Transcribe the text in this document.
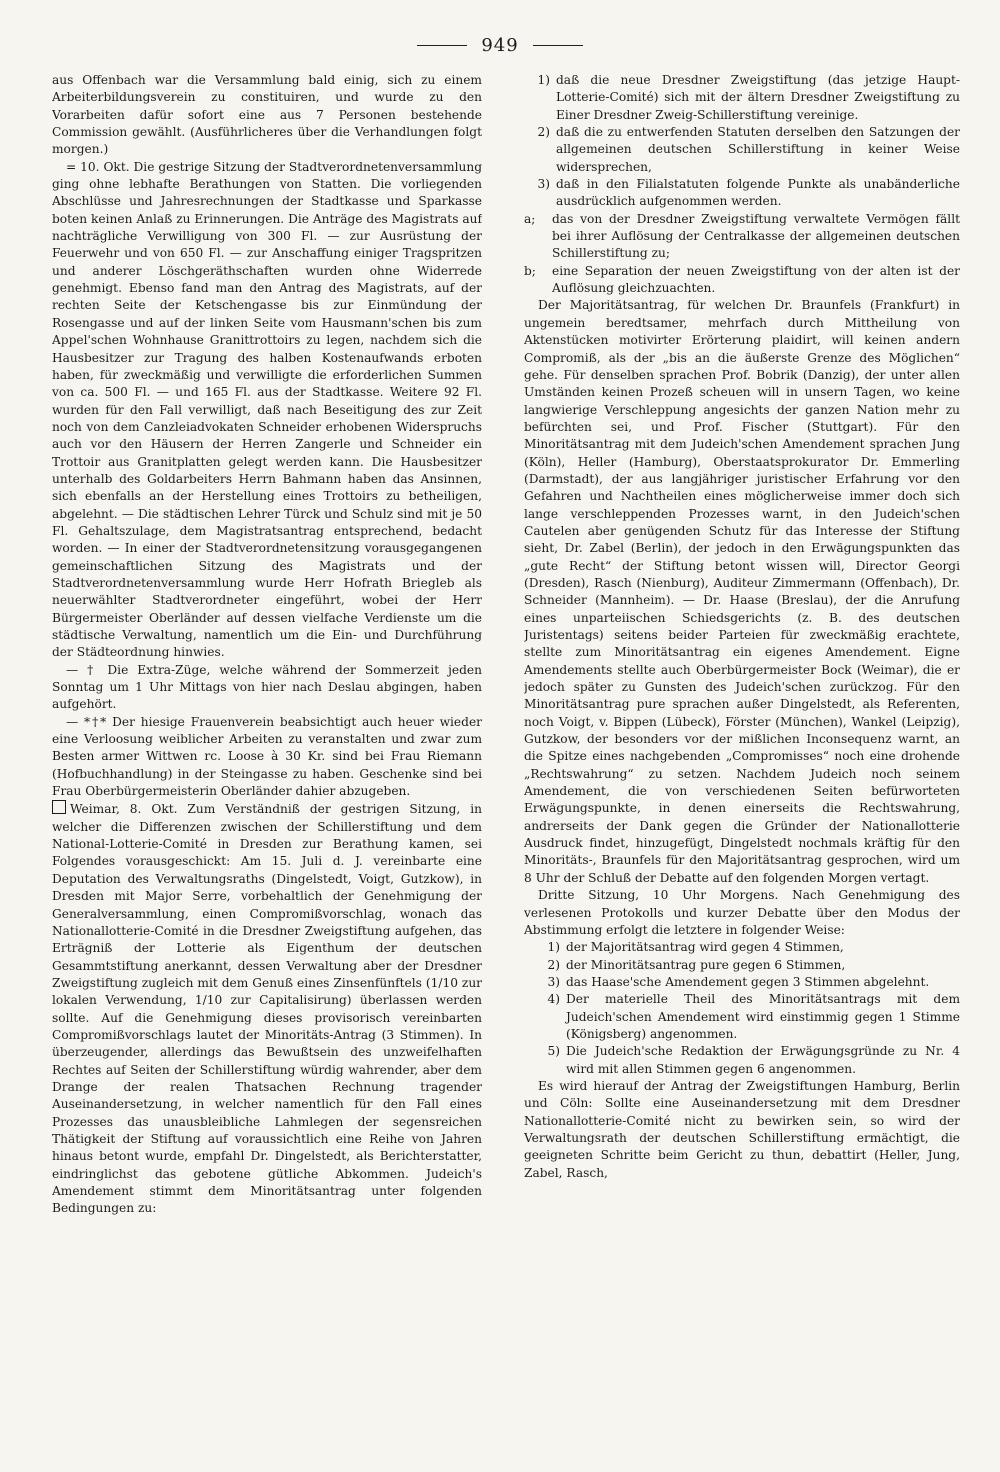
949

aus Offenbach war die Versammlung bald einig, sich zu einem Arbeiterbildungsverein zu constituiren, und wurde zu den Vorarbeiten dafür sofort eine aus 7 Personen bestehende Commission gewählt. (Ausführlicheres über die Verhandlungen folgt morgen.)

= 10. Okt. Die gestrige Sitzung der Stadtverordnetenversammlung ging ohne lebhafte Berathungen von Statten. Die vorliegenden Abschlüsse und Jahresrechnungen der Stadtkasse und Sparkasse boten keinen Anlaß zu Erinnerungen. Die Anträge des Magistrats auf nachträgliche Verwilligung von 300 Fl. — zur Ausrüstung der Feuerwehr und von 650 Fl. — zur Anschaffung einiger Tragspritzen und anderer Löschgeräthschaften wurden ohne Widerrede genehmigt. Ebenso fand man den Antrag des Magistrats, auf der rechten Seite der Ketschengasse bis zur Einmündung der Rosengasse und auf der linken Seite vom Hausmann'schen bis zum Appel'schen Wohnhause Granittrottoirs zu legen, nachdem sich die Hausbesitzer zur Tragung des halben Kostenaufwands erboten haben, für zweckmäßig und verwilligte die erforderlichen Summen von ca. 500 Fl. — und 165 Fl. aus der Stadtkasse. Weitere 92 Fl. wurden für den Fall verwilligt, daß nach Beseitigung des zur Zeit noch von dem Canzleiadvokaten Schneider erhobenen Widerspruchs auch vor den Häusern der Herren Zangerle und Schneider ein Trottoir aus Granitplatten gelegt werden kann. Die Hausbesitzer unterhalb des Goldarbeiters Herrn Bahmann haben das Ansinnen, sich ebenfalls an der Herstellung eines Trottoirs zu betheiligen, abgelehnt. — Die städtischen Lehrer Türck und Schulz sind mit je 50 Fl. Gehaltszulage, dem Magistratsantrag entsprechend, bedacht worden. — In einer der Stadtverordnetensitzung vorausgegangenen gemeinschaftlichen Sitzung des Magistrats und der Stadtverordnetenversammlung wurde Herr Hofrath Briegleb als neuerwählter Stadtverordneter eingeführt, wobei der Herr Bürgermeister Oberländer auf dessen vielfache Verdienste um die städtische Verwaltung, namentlich um die Ein- und Durchführung der Städteordnung hinwies.

— † Die Extra-Züge, welche während der Sommerzeit jeden Sonntag um 1 Uhr Mittags von hier nach Deslau abgingen, haben aufgehört.

— *†* Der hiesige Frauenverein beabsichtigt auch heuer wieder eine Verloosung weiblicher Arbeiten zu veranstalten und zwar zum Besten armer Wittwen rc. Loose à 30 Kr. sind bei Frau Riemann (Hofbuchhandlung) in der Steingasse zu haben. Geschenke sind bei Frau Oberbürgermeisterin Oberländer dahier abzugeben.

Weimar, 8. Okt. Zum Verständniß der gestrigen Sitzung, in welcher die Differenzen zwischen der Schillerstiftung und dem National-Lotterie-Comité in Dresden zur Berathung kamen, sei Folgendes vorausgeschickt: Am 15. Juli d. J. vereinbarte eine Deputation des Verwaltungsraths (Dingelstedt, Voigt, Gutzkow), in Dresden mit Major Serre, vorbehaltlich der Genehmigung der Generalversammlung, einen Compromißvorschlag, wonach das Nationallotterie-Comité in die Dresdner Zweigstiftung aufgehen, das Erträgniß der Lotterie als Eigenthum der deutschen Gesammtstiftung anerkannt, dessen Verwaltung aber der Dresdner Zweigstiftung zugleich mit dem Genuß eines Zinsenfünftels (1/10 zur lokalen Verwendung, 1/10 zur Capitalisirung) überlassen werden sollte. Auf die Genehmigung dieses provisorisch vereinbarten Compromißvorschlags lautet der Minoritäts-Antrag (3 Stimmen). In überzeugender, allerdings das Bewußtsein des unzweifelhaften Rechtes auf Seiten der Schillerstiftung würdig wahrender, aber dem Drange der realen Thatsachen Rechnung tragender Auseinandersetzung, in welcher namentlich für den Fall eines Prozesses das unausbleibliche Lahmlegen der segensreichen Thätigkeit der Stiftung auf voraussichtlich eine Reihe von Jahren hinaus betont wurde, empfahl Dr. Dingelstedt, als Berichterstatter, eindringlichst das gebotene gütliche Abkommen. Judeich's Amendement stimmt dem Minoritätsantrag unter folgenden Bedingungen zu:

1) daß die neue Dresdner Zweigstiftung (das jetzige Haupt-Lotterie-Comité) sich mit der ältern Dresdner Zweigstiftung zu Einer Dresdner Zweig-Schillerstiftung vereinige.
2) daß die zu entwerfenden Statuten derselben den Satzungen der allgemeinen deutschen Schillerstiftung in keiner Weise widersprechen,
3) daß in den Filialstatuten folgende Punkte als unabänderliche ausdrücklich aufgenommen werden.
a;	das von der Dresdner Zweigstiftung verwaltete Vermögen fällt bei ihrer Auflösung der Centralkasse der allgemeinen deutschen Schillerstiftung zu;
b;	eine Separation der neuen Zweigstiftung von der alten ist der Auflösung gleichzuachten.

Der Majoritätsantrag, für welchen Dr. Braunfels (Frankfurt) in ungemein beredtsamer, mehrfach durch Mittheilung von Aktenstücken motivirter Erörterung plaidirt, will keinen andern Compromiß, als der „bis an die äußerste Grenze des Möglichen“ gehe. Für denselben sprachen Prof. Bobrik (Danzig), der unter allen Umständen keinen Prozeß scheuen will in unsern Tagen, wo keine langwierige Verschleppung angesichts der ganzen Nation mehr zu befürchten sei, und Prof. Fischer (Stuttgart). Für den Minoritätsantrag mit dem Judeich'schen Amendement sprachen Jung (Köln), Heller (Hamburg), Oberstaatsprokurator Dr. Emmerling (Darmstadt), der aus langjähriger juristischer Erfahrung vor den Gefahren und Nachtheilen eines möglicherweise immer doch sich lange verschleppenden Prozesses warnt, in den Judeich'schen Cautelen aber genügenden Schutz für das Interesse der Stiftung sieht, Dr. Zabel (Berlin), der jedoch in den Erwägungspunkten das „gute Recht“ der Stiftung betont wissen will, Director Georgi (Dresden), Rasch (Nienburg), Auditeur Zimmermann (Offenbach), Dr. Schneider (Mannheim). — Dr. Haase (Breslau), der die Anrufung eines unparteiischen Schiedsgerichts (z. B. des deutschen Juristentags) seitens beider Parteien für zweckmäßig erachtete, stellte zum Minoritätsantrag ein eigenes Amendement. Eigne Amendements stellte auch Oberbürgermeister Bock (Weimar), die er jedoch später zu Gunsten des Judeich'schen zurückzog. Für den Minoritätsantrag pure sprachen außer Dingelstedt, als Referenten, noch Voigt, v. Bippen (Lübeck), Förster (München), Wankel (Leipzig), Gutzkow, der besonders vor der mißlichen Inconsequenz warnt, an die Spitze eines nachgebenden „Compromisses“ noch eine drohende „Rechtswahrung“ zu setzen. Nachdem Judeich noch seinem Amendement, die von verschiedenen Seiten befürworteten Erwägungspunkte, in denen einerseits die Rechtswahrung, andrerseits der Dank gegen die Gründer der Nationallotterie Ausdruck findet, hinzugefügt, Dingelstedt nochmals kräftig für den Minoritäts-, Braunfels für den Majoritätsantrag gesprochen, wird um 8 Uhr der Schluß der Debatte auf den folgenden Morgen vertagt.

Dritte Sitzung, 10 Uhr Morgens. Nach Genehmigung des verlesenen Protokolls und kurzer Debatte über den Modus der Abstimmung erfolgt die letztere in folgender Weise:

1) der Majoritätsantrag wird gegen 4 Stimmen,
2) der Minoritätsantrag pure gegen 6 Stimmen,
3) das Haase'sche Amendement gegen 3 Stimmen abgelehnt.
4) Der materielle Theil des Minoritätsantrags mit dem Judeich'schen Amendement wird einstimmig gegen 1 Stimme (Königsberg) angenommen.
5) Die Judeich'sche Redaktion der Erwägungsgründe zu Nr. 4 wird mit allen Stimmen gegen 6 angenommen.

Es wird hierauf der Antrag der Zweigstiftungen Hamburg, Berlin und Cöln: Sollte eine Auseinandersetzung mit dem Dresdner Nationallotterie-Comité nicht zu bewirken sein, so wird der Verwaltungsrath der deutschen Schillerstiftung ermächtigt, die geeigneten Schritte beim Gericht zu thun, debattirt (Heller, Jung, Zabel, Rasch,
